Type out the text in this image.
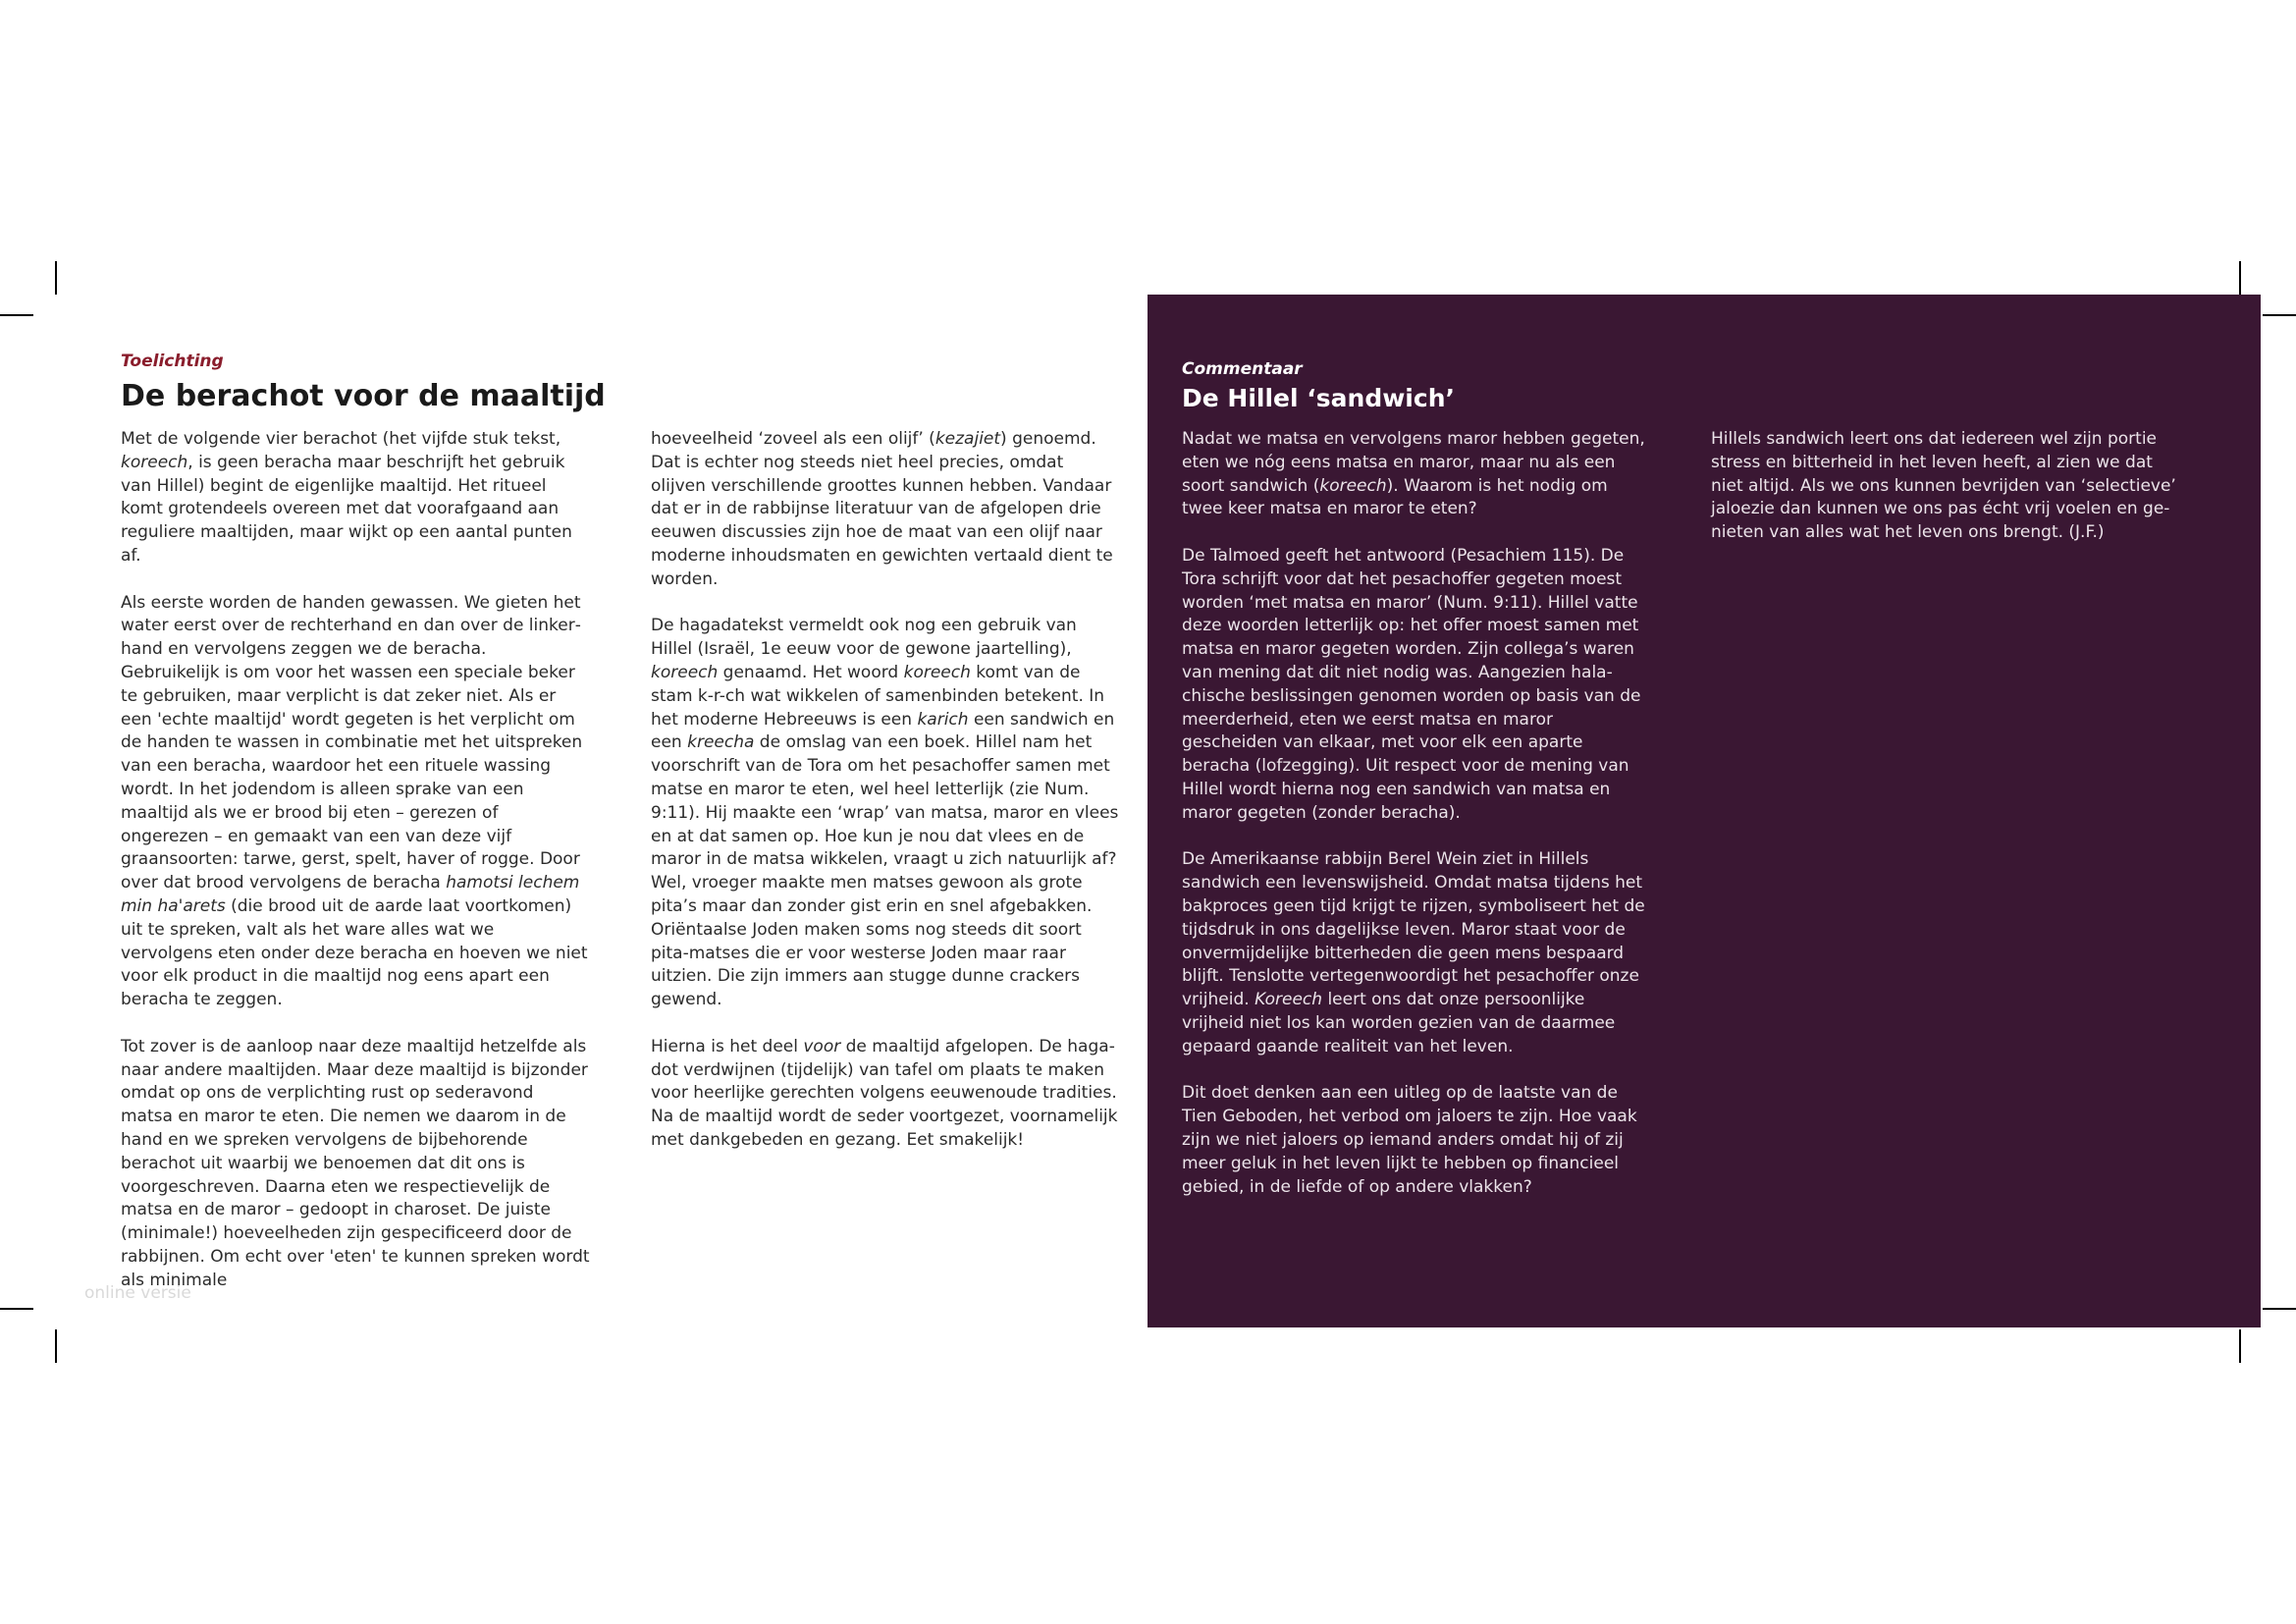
Toelichting
De berachot voor de maaltijd

Met de volgende vier berachot (het vijfde stuk tekst, koreech, is geen beracha maar beschrijft het gebruik van Hillel) begint de eigenlijke maaltijd. Het ritueel komt grotendeels overeen met dat voorafgaand aan reguliere maaltijden, maar wijkt op een aantal punten af.

Als eerste worden de handen gewassen. We gieten het water eerst over de rechterhand en dan over de linkerhand en vervolgens zeggen we de beracha. Gebruikelijk is om voor het wassen een speciale beker te gebruiken, maar verplicht is dat zeker niet. Als er een 'echte maaltijd' wordt gegeten is het verplicht om de handen te wassen in combinatie met het uitspreken van een beracha, waardoor het een rituele wassing wordt. In het jodendom is alleen sprake van een maaltijd als we er brood bij eten – gerezen of ongerezen – en gemaakt van een van deze vijf graansoorten: tarwe, gerst, spelt, haver of rogge. Door over dat brood vervolgens de beracha hamotsi lechem min ha'arets (die brood uit de aarde laat voortkomen) uit te spreken, valt als het ware alles wat we vervolgens eten onder deze beracha en hoeven we niet voor elk product in die maaltijd nog eens apart een beracha te zeggen.

Tot zover is de aanloop naar deze maaltijd hetzelfde als naar andere maaltijden. Maar deze maaltijd is bijzonder omdat op ons de verplichting rust op sederavond matsa en maror te eten. Die nemen we daarom in de hand en we spreken vervolgens de bijbehorende berachot uit waarbij we benoemen dat dit ons is voorgeschreven. Daarna eten we respectievelijk de matsa en de maror – gedoopt in charoset. De juiste (minimale!) hoeveelheden zijn gespecificeerd door de rabbijnen. Om echt over 'eten' te kunnen spreken wordt als minimale

hoeveelheid ‘zoveel als een olijf’ (kezajiet) genoemd. Dat is echter nog steeds niet heel precies, omdat olijven verschillende groottes kunnen hebben. Vandaar dat er in de rabbijnse literatuur van de afgelopen drie eeuwen discussies zijn hoe de maat van een olijf naar moderne inhoudsmaten en gewichten vertaald dient te worden.

De hagadatekst vermeldt ook nog een gebruik van Hillel (Israël, 1e eeuw voor de gewone jaartelling), koreech genaamd. Het woord koreech komt van de stam k-r-ch wat wikkelen of samenbinden betekent. In het moderne Hebreeuws is een karich een sandwich en een kreecha de omslag van een boek. Hillel nam het voorschrift van de Tora om het pesachoffer samen met matse en maror te eten, wel heel letterlijk (zie Num. 9:11). Hij maakte een ‘wrap’ van matsa, maror en vlees en at dat samen op. Hoe kun je nou dat vlees en de maror in de matsa wikkelen, vraagt u zich natuurlijk af? Wel, vroeger maakte men matses gewoon als grote pita’s maar dan zonder gist erin en snel afgebakken. Oriëntaalse Joden maken soms nog steeds dit soort pita-matses die er voor westerse Joden maar raar uitzien. Die zijn immers aan stugge dunne crackers gewend.

Hierna is het deel voor de maaltijd afgelopen. De hagadot verdwijnen (tijdelijk) van tafel om plaats te maken voor heerlijke gerechten volgens eeuwenoude tradities. Na de maaltijd wordt de seder voortgezet, voornamelijk met dankgebeden en gezang. Eet smakelijk!

Commentaar
De Hillel ‘sandwich’

Nadat we matsa en vervolgens maror hebben gegeten, eten we nóg eens matsa en maror, maar nu als een soort sandwich (koreech). Waarom is het nodig om twee keer matsa en maror te eten?

De Talmoed geeft het antwoord (Pesachiem 115). De Tora schrijft voor dat het pesachoffer gegeten moest worden ‘met matsa en maror’ (Num. 9:11). Hillel vatte deze woorden letterlijk op: het offer moest samen met matsa en maror gegeten worden. Zijn collega’s waren van mening dat dit niet nodig was. Aangezien halachische beslissingen genomen worden op basis van de meerderheid, eten we eerst matsa en maror gescheiden van elkaar, met voor elk een aparte beracha (lofzegging). Uit respect voor de mening van Hillel wordt hierna nog een sandwich van matsa en maror gegeten (zonder beracha).

De Amerikaanse rabbijn Berel Wein ziet in Hillels sandwich een levenswijsheid. Omdat matsa tijdens het bakproces geen tijd krijgt te rijzen, symboliseert het de tijdsdruk in ons dagelijkse leven. Maror staat voor de onvermijdelijke bitterheden die geen mens bespaard blijft. Tenslotte vertegenwoordigt het pesachoffer onze vrijheid. Koreech leert ons dat onze persoonlijke vrijheid niet los kan worden gezien van de daarmee gepaard gaande realiteit van het leven.

Dit doet denken aan een uitleg op de laatste van de Tien Geboden, het verbod om jaloers te zijn. Hoe vaak zijn we niet jaloers op iemand anders omdat hij of zij meer geluk in het leven lijkt te hebben op financieel gebied, in de liefde of op andere vlakken?

Hillels sandwich leert ons dat iedereen wel zijn portie stress en bitterheid in het leven heeft, al zien we dat niet altijd. Als we ons kunnen bevrijden van ‘selectieve’ jaloezie dan kunnen we ons pas écht vrij voelen en genieten van alles wat het leven ons brengt. (J.F.)

online versie
